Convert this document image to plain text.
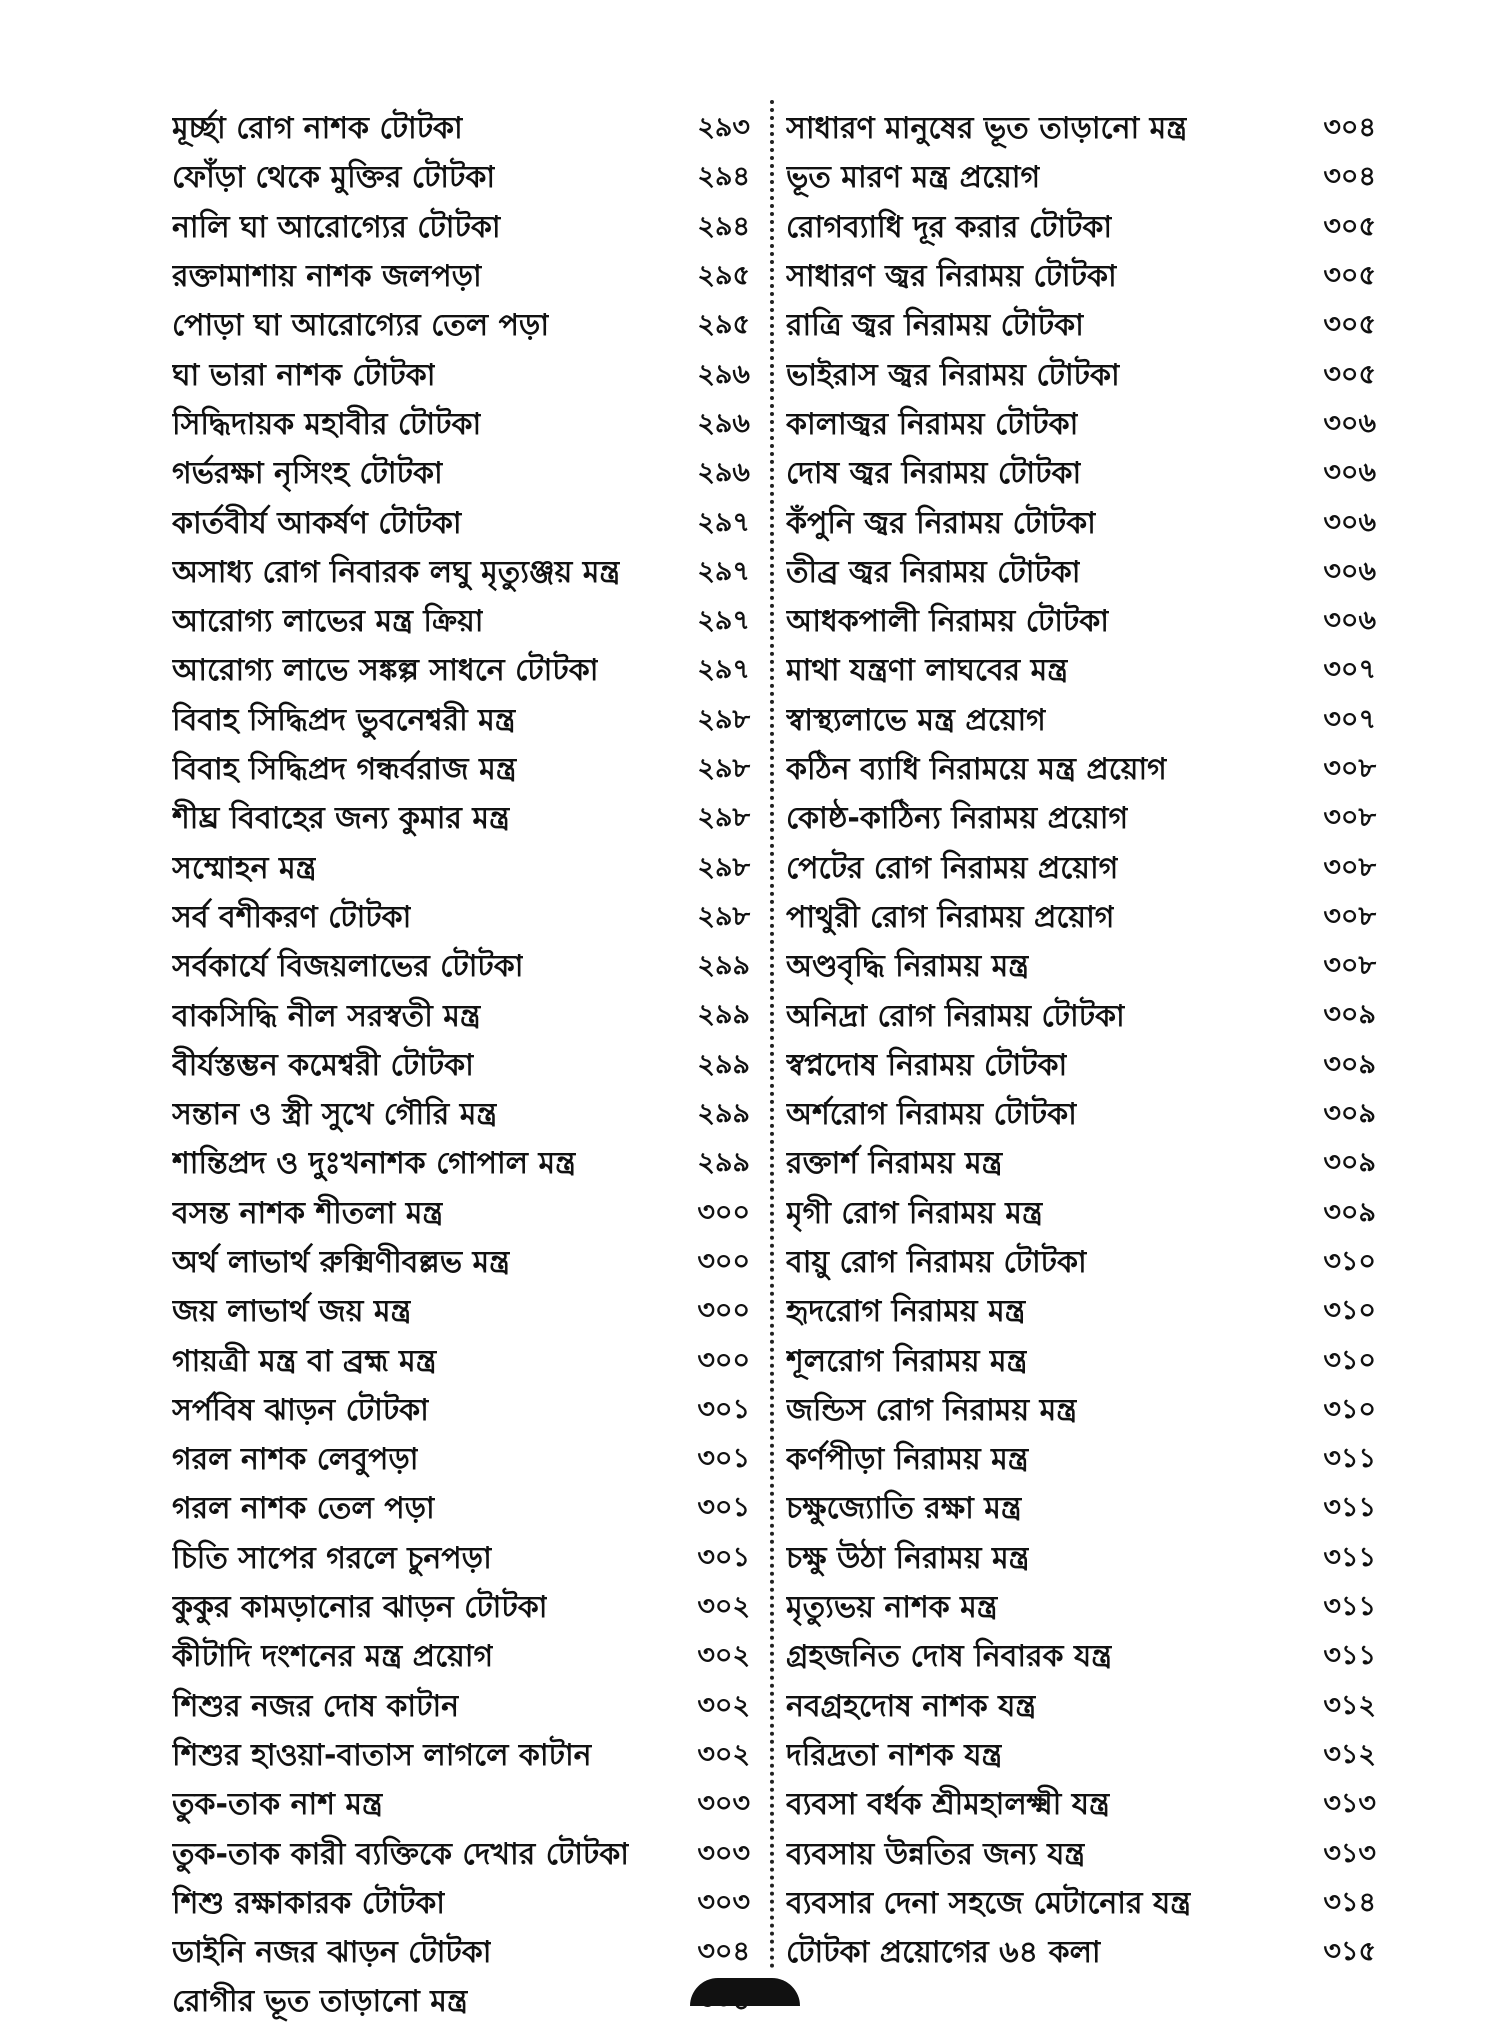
মূর্চ্ছা রোগ নাশক টোটকা	২৯৩
ফোঁড়া থেকে মুক্তির টোটকা	২৯৪
নালি ঘা আরোগ্যের টোটকা	২৯৪
রক্তামাশায় নাশক জলপড়া	২৯৫
পোড়া ঘা আরোগ্যের তেল পড়া	২৯৫
ঘা ভারা নাশক টোটকা	২৯৬
সিদ্ধিদায়ক মহাবীর টোটকা	২৯৬
গর্ভরক্ষা নৃসিংহ টোটকা	২৯৬
কার্তবীর্য আকর্ষণ টোটকা	২৯৭
অসাধ্য রোগ নিবারক লঘু মৃত্যুঞ্জয় মন্ত্র	২৯৭
আরোগ্য লাভের মন্ত্র ক্রিয়া	২৯৭
আরোগ্য লাভে সঙ্কল্প সাধনে টোটকা	২৯৭
বিবাহ সিদ্ধিপ্রদ ভুবনেশ্বরী মন্ত্র	২৯৮
বিবাহ সিদ্ধিপ্রদ গন্ধর্বরাজ মন্ত্র	২৯৮
শীঘ্র বিবাহের জন্য কুমার মন্ত্র	২৯৮
সম্মোহন মন্ত্র	২৯৮
সর্ব বশীকরণ টোটকা	২৯৮
সর্বকার্যে বিজয়লাভের টোটকা	২৯৯
বাকসিদ্ধি নীল সরস্বতী মন্ত্র	২৯৯
বীর্যস্তম্ভন কমেশ্বরী টোটকা	২৯৯
সন্তান ও স্ত্রী সুখে গৌরি মন্ত্র	২৯৯
শান্তিপ্রদ ও দুঃখনাশক গোপাল মন্ত্র	২৯৯
বসন্ত নাশক শীতলা মন্ত্র	৩০০
অর্থ লাভার্থ রুক্মিণীবল্লভ মন্ত্র	৩০০
জয় লাভার্থ জয় মন্ত্র	৩০০
গায়ত্রী মন্ত্র বা ব্রহ্ম মন্ত্র	৩০০
সর্পবিষ ঝাড়ন টোটকা	৩০১
গরল নাশক লেবুপড়া	৩০১
গরল নাশক তেল পড়া	৩০১
চিতি সাপের গরলে চুনপড়া	৩০১
কুকুর কামড়ানোর ঝাড়ন টোটকা	৩০২
কীটাদি দংশনের মন্ত্র প্রয়োগ	৩০২
শিশুর নজর দোষ কাটান	৩০২
শিশুর হাওয়া-বাতাস লাগলে কাটান	৩০২
তুক-তাক নাশ মন্ত্র	৩০৩
তুক-তাক কারী ব্যক্তিকে দেখার টোটকা	৩০৩
শিশু রক্ষাকারক টোটকা	৩০৩
ডাইনি নজর ঝাড়ন টোটকা	৩০৪
রোগীর ভূত তাড়ানো মন্ত্র
সাধারণ মানুষের ভূত তাড়ানো মন্ত্র	৩০৪
ভূত মারণ মন্ত্র প্রয়োগ	৩০৪
রোগব্যাধি দূর করার টোটকা	৩০৫
সাধারণ জ্বর নিরাময় টোটকা	৩০৫
রাত্রি জ্বর নিরাময় টোটকা	৩০৫
ভাইরাস জ্বর নিরাময় টোটকা	৩০৫
কালাজ্বর নিরাময় টোটকা	৩০৬
দোষ জ্বর নিরাময় টোটকা	৩০৬
কঁপুনি জ্বর নিরাময় টোটকা	৩০৬
তীব্র জ্বর নিরাময় টোটকা	৩০৬
আধকপালী নিরাময় টোটকা	৩০৬
মাথা যন্ত্রণা লাঘবের মন্ত্র	৩০৭
স্বাস্থ্যলাভে মন্ত্র প্রয়োগ	৩০৭
কঠিন ব্যাধি নিরাময়ে মন্ত্র প্রয়োগ	৩০৮
কোষ্ঠ-কাঠিন্য নিরাময় প্রয়োগ	৩০৮
পেটের রোগ নিরাময় প্রয়োগ	৩০৮
পাথুরী রোগ নিরাময় প্রয়োগ	৩০৮
অণ্ডবৃদ্ধি নিরাময় মন্ত্র	৩০৮
অনিদ্রা রোগ নিরাময় টোটকা	৩০৯
স্বপ্নদোষ নিরাময় টোটকা	৩০৯
অর্শরোগ নিরাময় টোটকা	৩০৯
রক্তার্শ নিরাময় মন্ত্র	৩০৯
মৃগী রোগ নিরাময় মন্ত্র	৩০৯
বায়ু রোগ নিরাময় টোটকা	৩১০
হৃদরোগ নিরাময় মন্ত্র	৩১০
শূলরোগ নিরাময় মন্ত্র	৩১০
জন্ডিস রোগ নিরাময় মন্ত্র	৩১০
কর্ণপীড়া নিরাময় মন্ত্র	৩১১
চক্ষুজ্যোতি রক্ষা মন্ত্র	৩১১
চক্ষু উঠা নিরাময় মন্ত্র	৩১১
মৃত্যুভয় নাশক মন্ত্র	৩১১
গ্রহজনিত দোষ নিবারক যন্ত্র	৩১১
নবগ্রহদোষ নাশক যন্ত্র	৩১২
দরিদ্রতা নাশক যন্ত্র	৩১২
ব্যবসা বর্ধক শ্রীমহালক্ষ্মী যন্ত্র	৩১৩
ব্যবসায় উন্নতির জন্য যন্ত্র	৩১৩
ব্যবসার দেনা সহজে মেটানোর যন্ত্র	৩১৪
টোটকা প্রয়োগের ৬৪ কলা	৩১৫
